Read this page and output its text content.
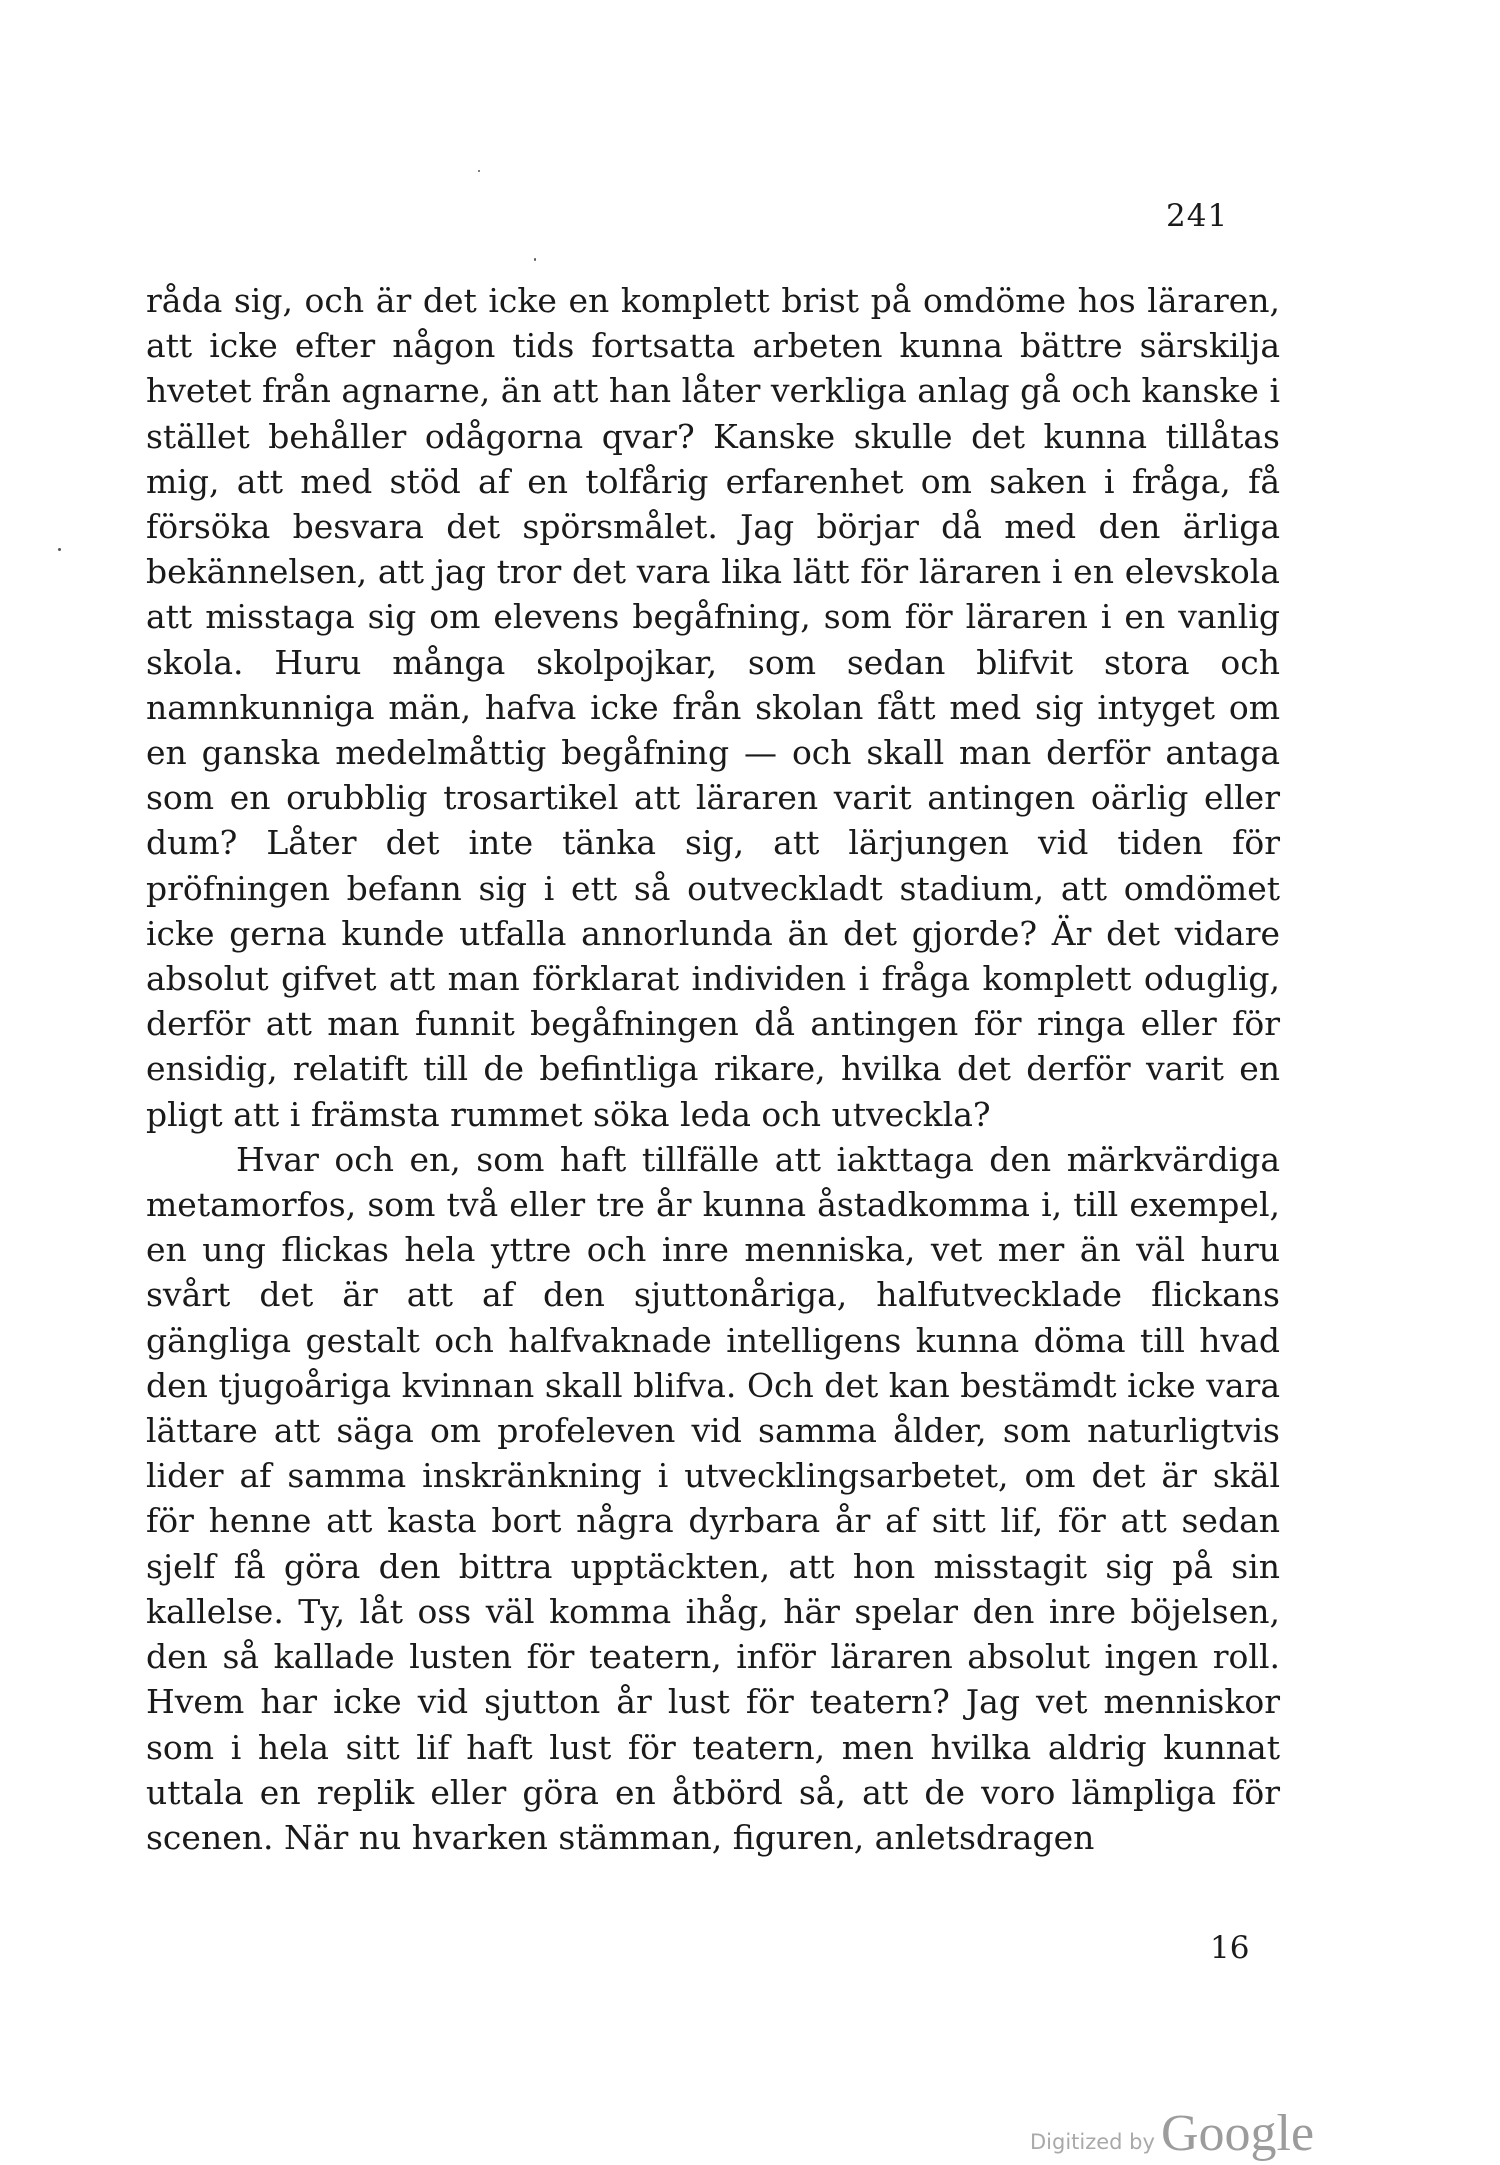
241

råda sig, och är det icke en komplett brist på omdöme hos läraren, att icke efter någon tids fortsatta arbeten kunna bättre särskilja hvetet från agnarne, än att han låter verkliga anlag gå och kanske i stället behåller odågorna qvar? Kanske skulle det kunna tillåtas mig, att med stöd af en tolfårig erfarenhet om saken i fråga, få försöka besvara det spörsmålet. Jag börjar då med den ärliga bekännelsen, att jag tror det vara lika lätt för läraren i en elevskola att misstaga sig om elevens begåfning, som för läraren i en vanlig skola. Huru många skolpojkar, som sedan blifvit stora och namnkunniga män, hafva icke från skolan fått med sig intyget om en ganska medelmåttig begåfning — och skall man derför antaga som en orubblig trosartikel att läraren varit antingen oärlig eller dum? Låter det inte tänka sig, att lärjungen vid tiden för pröfningen befann sig i ett så outveckladt stadium, att omdömet icke gerna kunde utfalla annorlunda än det gjorde? Är det vidare absolut gifvet att man förklarat individen i fråga komplett oduglig, derför att man funnit begåfningen då antingen för ringa eller för ensidig, relatift till de befintliga rikare, hvilka det derför varit en pligt att i främsta rummet söka leda och utveckla?

Hvar och en, som haft tillfälle att iakttaga den märkvärdiga metamorfos, som två eller tre år kunna åstadkomma i, till exempel, en ung flickas hela yttre och inre menniska, vet mer än väl huru svårt det är att af den sjuttonåriga, halfutvecklade flickans gängliga gestalt och halfvaknade intelligens kunna döma till hvad den tjugoåriga kvinnan skall blifva. Och det kan bestämdt icke vara lättare att säga om profeleven vid samma ålder, som naturligtvis lider af samma inskränkning i utvecklingsarbetet, om det är skäl för henne att kasta bort några dyrbara år af sitt lif, för att sedan sjelf få göra den bittra upptäckten, att hon misstagit sig på sin kallelse. Ty, låt oss väl komma ihåg, här spelar den inre böjelsen, den så kallade lusten för teatern, inför läraren absolut ingen roll. Hvem har icke vid sjutton år lust för teatern? Jag vet menniskor som i hela sitt lif haft lust för teatern, men hvilka aldrig kunnat uttala en replik eller göra en åtbörd så, att de voro lämpliga för scenen. När nu hvarken stämman, figuren, anletsdragen

16
Digitized by Google
